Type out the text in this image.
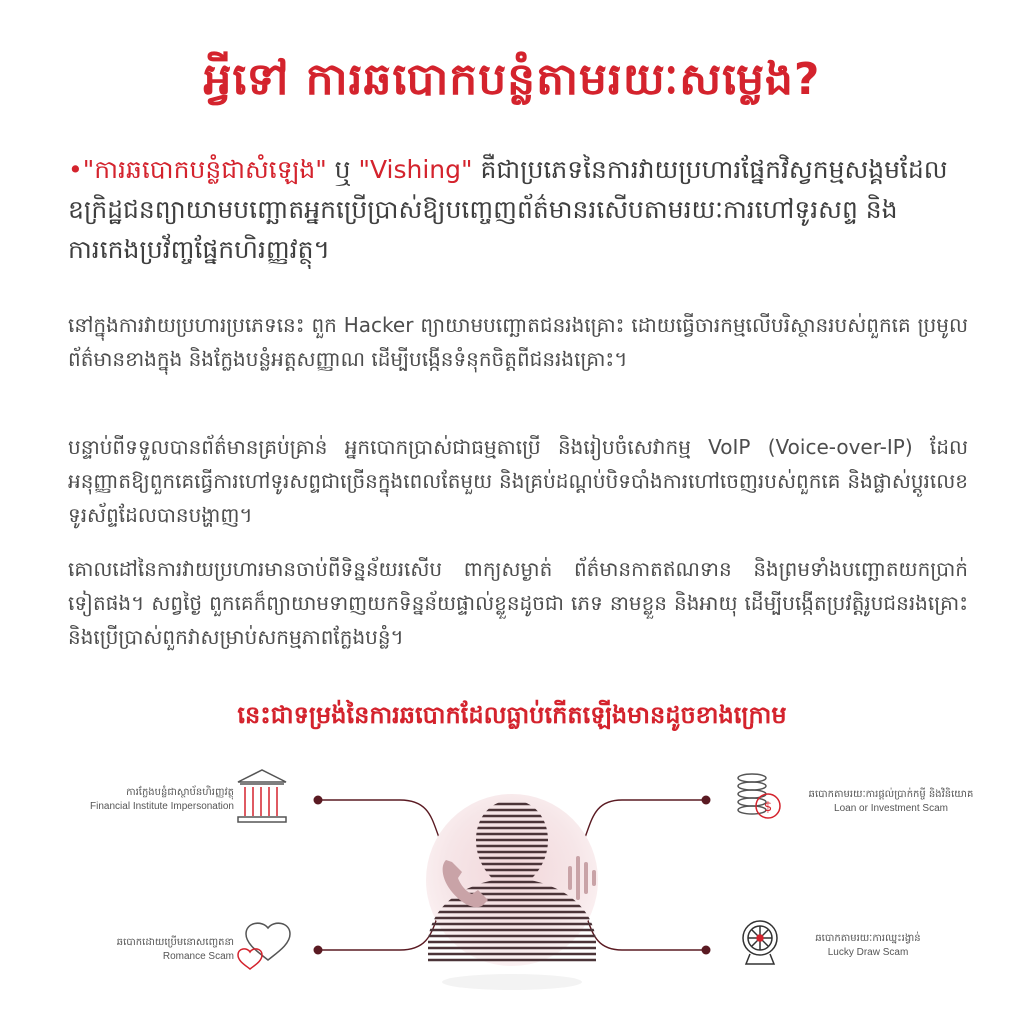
អ្វីទៅ ការឆបោកបន្លំតាមរយៈសម្លេង?
•"ការឆបោកបន្លំជាសំឡេង" ឬ "Vishing" គឺជាប្រភេទនៃការវាយប្រហារផ្នែកវិស្វកម្មសង្គមដែលឧក្រិដ្ឋជនព្យាយាមបញ្ឆោតអ្នកប្រើប្រាស់ឱ្យបញ្ចេញព័ត៌មានរសើបតាមរយៈការហៅទូរសព្ទ និងការកេងប្រវ័ញ្ចផ្នែកហិរញ្ញវត្ថុ។
នៅក្នុងការវាយប្រហារប្រភេទនេះ ពួក Hacker ព្យាយាមបញ្ឆោតជនរងគ្រោះ ដោយធ្វើចារកម្មលើបរិស្ថានរបស់ពួកគេ ប្រមូលព័ត៌មានខាងក្នុង និងក្លែងបន្លំអត្តសញ្ញាណ ដើម្បីបង្កើនទំនុកចិត្តពីជនរងគ្រោះ។
បន្ទាប់ពីទទួលបានព័ត៌មានគ្រប់គ្រាន់ អ្នកបោកប្រាស់ជាធម្មតាប្រើ និងរៀបចំសេវាកម្ម VoIP (Voice-over-IP) ដែលអនុញ្ញាតឱ្យពួកគេធ្វើការហៅទូរសព្ទជាច្រើនក្នុងពេលតែមួយ និងគ្រប់ដណ្តប់បិទបាំងការហៅចេញរបស់ពួកគេ និងផ្លាស់ប្តូរលេខទូរស័ព្ទដែលបានបង្ហាញ។
គោលដៅនៃការវាយប្រហារមានចាប់ពីទិន្នន័យរសើប ពាក្យសម្ងាត់ ព័ត៌មានកាតឥណទាន និងព្រមទាំងបញ្ឆោតយកប្រាក់ទៀតផង។ សព្វថ្ងៃ ពួកគេក៏ព្យាយាមទាញយកទិន្នន័យផ្ទាល់ខ្លួនដូចជា ភេទ នាមខ្លួន និងអាយុ ដើម្បីបង្កើតប្រវត្តិរូបជនរងគ្រោះ និងប្រើប្រាស់ពួកវាសម្រាប់សកម្មភាពក្លែងបន្លំ។
នេះជាទម្រង់នៃការឆបោកដែលធ្លាប់កើតឡើងមានដូចខាងក្រោម
$
ការក្លែងបន្លំជាស្ថាប័នហិរញ្ញវត្ថុ
Financial Institute Impersonation
ឆបោកតាមរយៈការផ្តល់ប្រាក់កម្ចី និងវិនិយោគ
Loan or Investment Scam
ឆបោកដោយប្រើមនោសញ្ចេតនា
Romance Scam
ឆបោកតាមរយៈការឈ្នះរង្វាន់
Lucky Draw Scam
